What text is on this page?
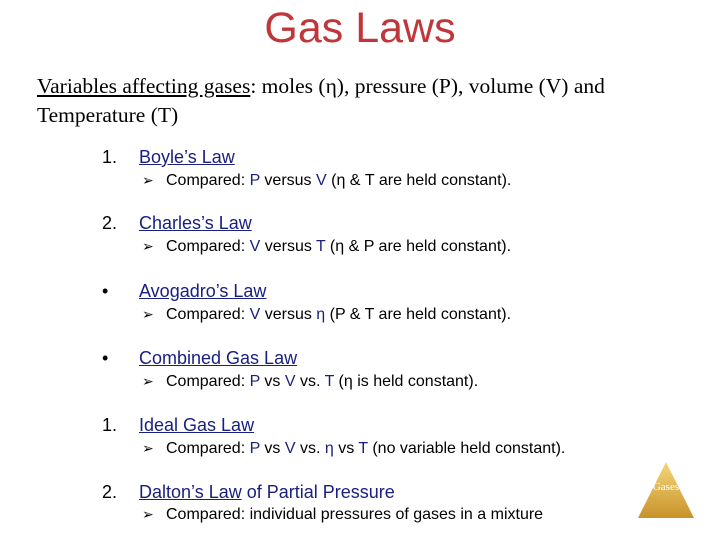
Gas Laws
Variables affecting gases: moles (η), pressure (P), volume (V) and Temperature (T)
1. Boyle’s Law
➢ Compared: P versus V (η & T are held constant).
2. Charles’s Law
➢ Compared: V versus T (η & P are held constant).
• Avogadro’s Law
➢ Compared: V versus η (P & T are held constant).
• Combined Gas Law
➢ Compared: P vs V vs. T (η is held constant).
1. Ideal Gas Law
➢ Compared: P vs V vs. η vs T (no variable held constant).
2. Dalton’s Law of Partial Pressure
➢ Compared: individual pressures of gases in a mixture
Gases
